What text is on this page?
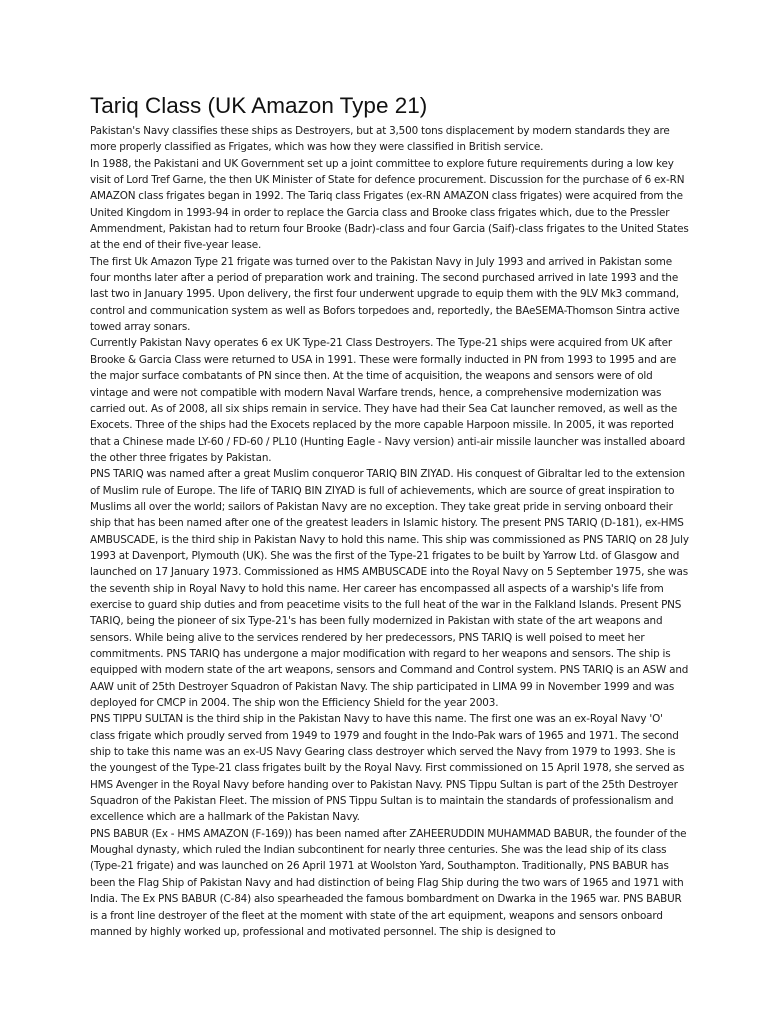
Tariq Class (UK Amazon Type 21)

Pakistan's Navy classifies these ships as Destroyers, but at 3,500 tons displacement by modern standards they are more properly classified as Frigates, which was how they were classified in British service.

In 1988, the Pakistani and UK Government set up a joint committee to explore future requirements during a low key visit of Lord Tref Garne, the then UK Minister of State for defence procurement. Discussion for the purchase of 6 ex-RN AMAZON class frigates began in 1992. The Tariq class Frigates (ex-RN AMAZON class frigates) were acquired from the United Kingdom in 1993-94 in order to replace the Garcia class and Brooke class frigates which, due to the Pressler Ammendment, Pakistan had to return four Brooke (Badr)-class and four Garcia (Saif)-class frigates to the United States at the end of their five-year lease.

The first Uk Amazon Type 21 frigate was turned over to the Pakistan Navy in July 1993 and arrived in Pakistan some four months later after a period of preparation work and training. The second purchased arrived in late 1993 and the last two in January 1995. Upon delivery, the first four underwent upgrade to equip them with the 9LV Mk3 command, control and communication system as well as Bofors torpedoes and, reportedly, the BAeSEMA-Thomson Sintra active towed array sonars.

Currently Pakistan Navy operates 6 ex UK Type-21 Class Destroyers. The Type-21 ships were acquired from UK after Brooke & Garcia Class were returned to USA in 1991. These were formally inducted in PN from 1993 to 1995 and are the major surface combatants of PN since then. At the time of acquisition, the weapons and sensors were of old vintage and were not compatible with modern Naval Warfare trends, hence, a comprehensive modernization was carried out. As of 2008, all six ships remain in service. They have had their Sea Cat launcher removed, as well as the Exocets. Three of the ships had the Exocets replaced by the more capable Harpoon missile. In 2005, it was reported that a Chinese made LY-60 / FD-60 / PL10 (Hunting Eagle - Navy version) anti-air missile launcher was installed aboard the other three frigates by Pakistan.

PNS TARIQ was named after a great Muslim conqueror TARIQ BIN ZIYAD. His conquest of Gibraltar led to the extension of Muslim rule of Europe. The life of TARIQ BIN ZIYAD is full of achievements, which are source of great inspiration to Muslims all over the world; sailors of Pakistan Navy are no exception. They take great pride in serving onboard their ship that has been named after one of the greatest leaders in Islamic history. The present PNS TARIQ (D-181), ex-HMS AMBUSCADE, is the third ship in Pakistan Navy to hold this name. This ship was commissioned as PNS TARIQ on 28 July 1993 at Davenport, Plymouth (UK). She was the first of the Type-21 frigates to be built by Yarrow Ltd. of Glasgow and launched on 17 January 1973. Commissioned as HMS AMBUSCADE into the Royal Navy on 5 September 1975, she was the seventh ship in Royal Navy to hold this name. Her career has encompassed all aspects of a warship's life from exercise to guard ship duties and from peacetime visits to the full heat of the war in the Falkland Islands. Present PNS TARIQ, being the pioneer of six Type-21's has been fully modernized in Pakistan with state of the art weapons and sensors. While being alive to the services rendered by her predecessors, PNS TARIQ is well poised to meet her commitments. PNS TARIQ has undergone a major modification with regard to her weapons and sensors. The ship is equipped with modern state of the art weapons, sensors and Command and Control system. PNS TARIQ is an ASW and AAW unit of 25th Destroyer Squadron of Pakistan Navy. The ship participated in LIMA 99 in November 1999 and was deployed for CMCP in 2004. The ship won the Efficiency Shield for the year 2003.

PNS TIPPU SULTAN is the third ship in the Pakistan Navy to have this name. The first one was an ex-Royal Navy 'O' class frigate which proudly served from 1949 to 1979 and fought in the Indo-Pak wars of 1965 and 1971. The second ship to take this name was an ex-US Navy Gearing class destroyer which served the Navy from 1979 to 1993. She is the youngest of the Type-21 class frigates built by the Royal Navy. First commissioned on 15 April 1978, she served as HMS Avenger in the Royal Navy before handing over to Pakistan Navy. PNS Tippu Sultan is part of the 25th Destroyer Squadron of the Pakistan Fleet. The mission of PNS Tippu Sultan is to maintain the standards of professionalism and excellence which are a hallmark of the Pakistan Navy.

PNS BABUR (Ex - HMS AMAZON (F-169)) has been named after ZAHEERUDDIN MUHAMMAD BABUR, the founder of the Moughal dynasty, which ruled the Indian subcontinent for nearly three centuries. She was the lead ship of its class (Type-21 frigate) and was launched on 26 April 1971 at Woolston Yard, Southampton. Traditionally, PNS BABUR has been the Flag Ship of Pakistan Navy and had distinction of being Flag Ship during the two wars of 1965 and 1971 with India. The Ex PNS BABUR (C-84) also spearheaded the famous bombardment on Dwarka in the 1965 war. PNS BABUR is a front line destroyer of the fleet at the moment with state of the art equipment, weapons and sensors onboard manned by highly worked up, professional and motivated personnel. The ship is designed to
